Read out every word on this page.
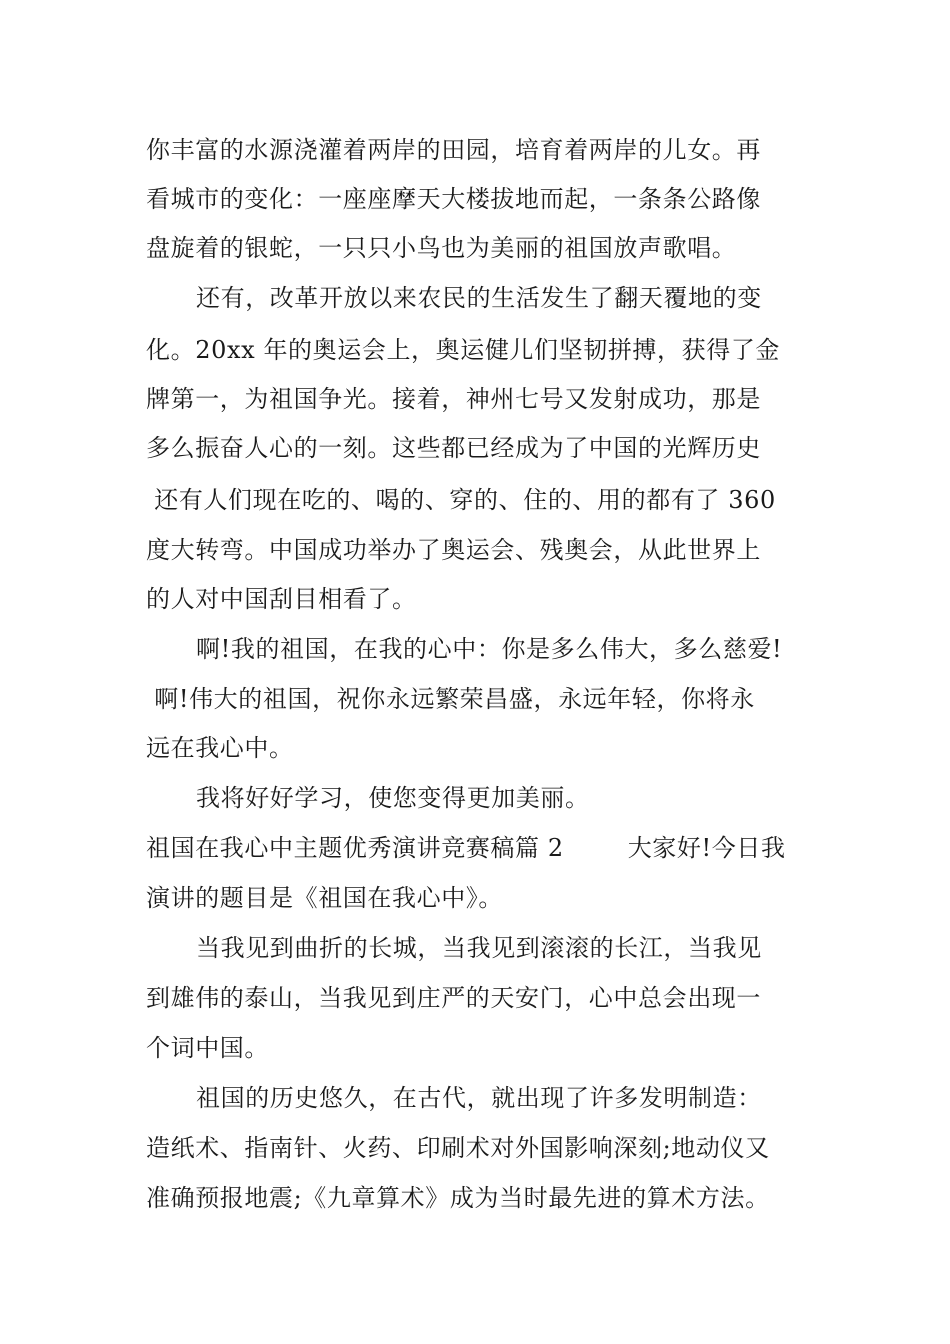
你丰富的水源浇灌着两岸的田园，培育着两岸的儿女。再
看城市的变化：一座座摩天大楼拔地而起，一条条公路像
盘旋着的银蛇，一只只小鸟也为美丽的祖国放声歌唱。
还有，改革开放以来农民的生活发生了翻天覆地的变
化。20xx 年的奥运会上，奥运健儿们坚韧拼搏，获得了金
牌第一，为祖国争光。接着，神州七号又发射成功，那是
多么振奋人心的一刻。这些都已经成为了中国的光辉历史
还有人们现在吃的、喝的、穿的、住的、用的都有了 360
度大转弯。中国成功举办了奥运会、残奥会，从此世界上
的人对中国刮目相看了。
啊!我的祖国，在我的心中：你是多么伟大，多么慈爱!
啊!伟大的祖国，祝你永远繁荣昌盛，永远年轻，你将永
远在我心中。
我将好好学习，使您变得更加美丽。
祖国在我心中主题优秀演讲竞赛稿篇 2	大家好!今日我
演讲的题目是《祖国在我心中》。
当我见到曲折的长城，当我见到滚滚的长江，当我见
到雄伟的泰山，当我见到庄严的天安门，心中总会出现一
个词中国。
祖国的历史悠久，在古代，就出现了许多发明制造：
造纸术、指南针、火药、印刷术对外国影响深刻;地动仪又
准确预报地震;《九章算术》成为当时最先进的算术方法。
